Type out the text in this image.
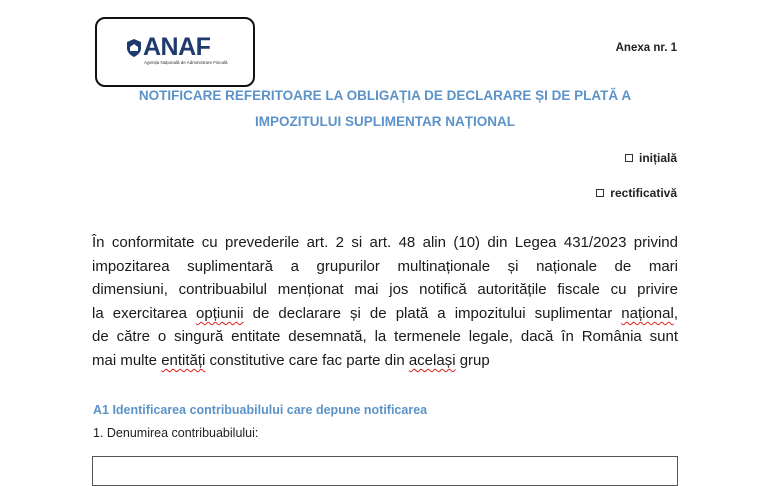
ANAF
Agenția Națională de Administrare Fiscală
Anexa nr. 1
NOTIFICARE REFERITOARE LA OBLIGAȚIA DE DECLARARE ȘI DE PLATĂ A
IMPOZITULUI SUPLIMENTAR NAȚIONAL
inițială
rectificativă
În conformitate cu prevederile art. 2 si art. 48 alin (10) din Legea 431/2023 privind
impozitarea suplimentară a grupurilor multinaționale și naționale de mari
dimensiuni, contribuabilul menționat mai jos notifică autoritățile fiscale cu privire
la exercitarea opțiunii de declarare și de plată a impozitului suplimentar național,
de către o singură entitate desemnată, la termenele legale, dacă în România sunt
mai multe entități constitutive care fac parte din același grup
A1 Identificarea contribuabilului care depune notificarea
1. Denumirea contribuabilului:
